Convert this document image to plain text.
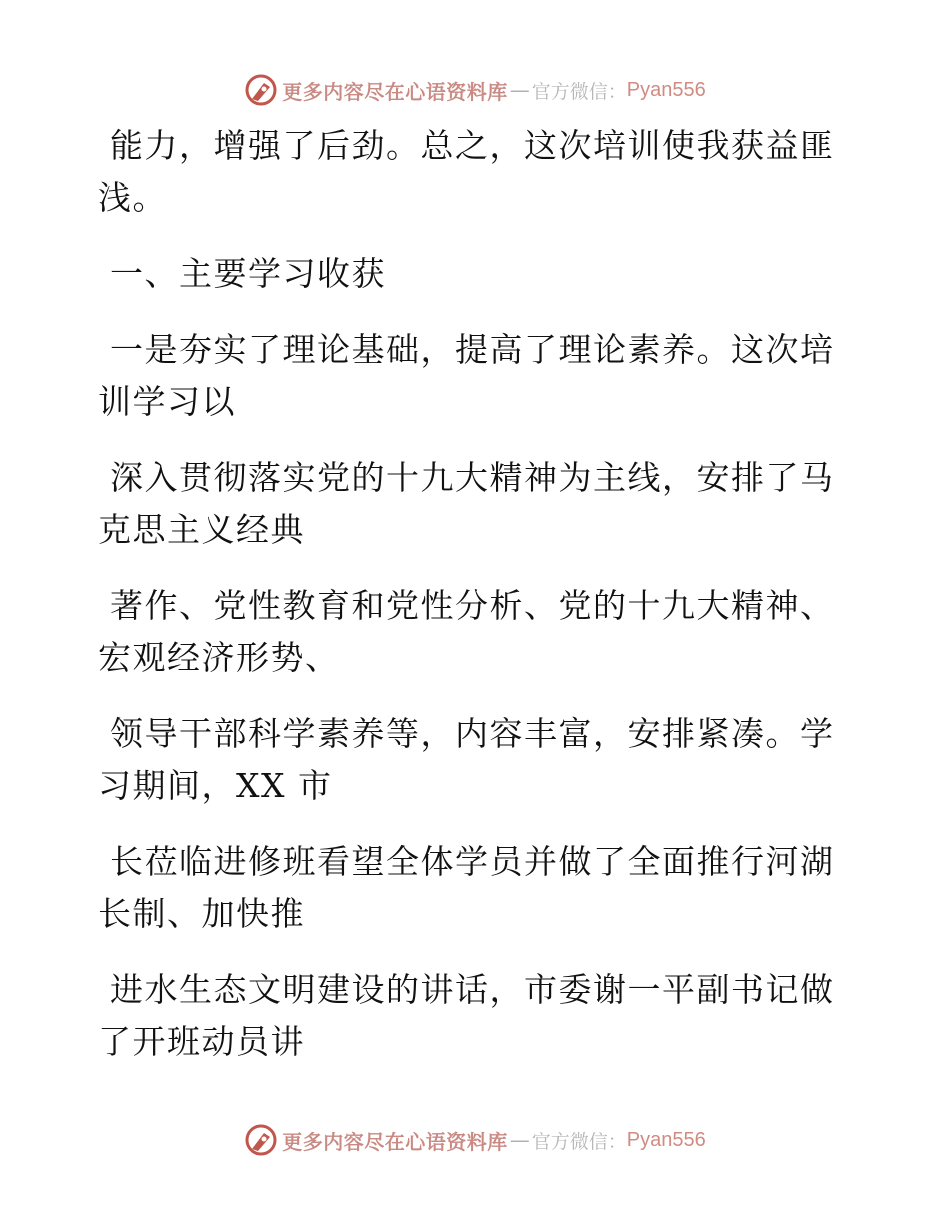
更多内容尽在心语资料库 — 官方微信： Pyan556
能力，增强了后劲。总之，这次培训使我获益匪
浅。
一、主要学习收获
一是夯实了理论基础，提高了理论素养。这次培
训学习以
深入贯彻落实党的十九大精神为主线，安排了马
克思主义经典
著作、党性教育和党性分析、党的十九大精神、
宏观经济形势、
领导干部科学素养等，内容丰富，安排紧凑。学
习期间，XX 市
长莅临进修班看望全体学员并做了全面推行河湖
长制、加快推
进水生态文明建设的讲话，市委谢一平副书记做
了开班动员讲
更多内容尽在心语资料库 — 官方微信： Pyan556
